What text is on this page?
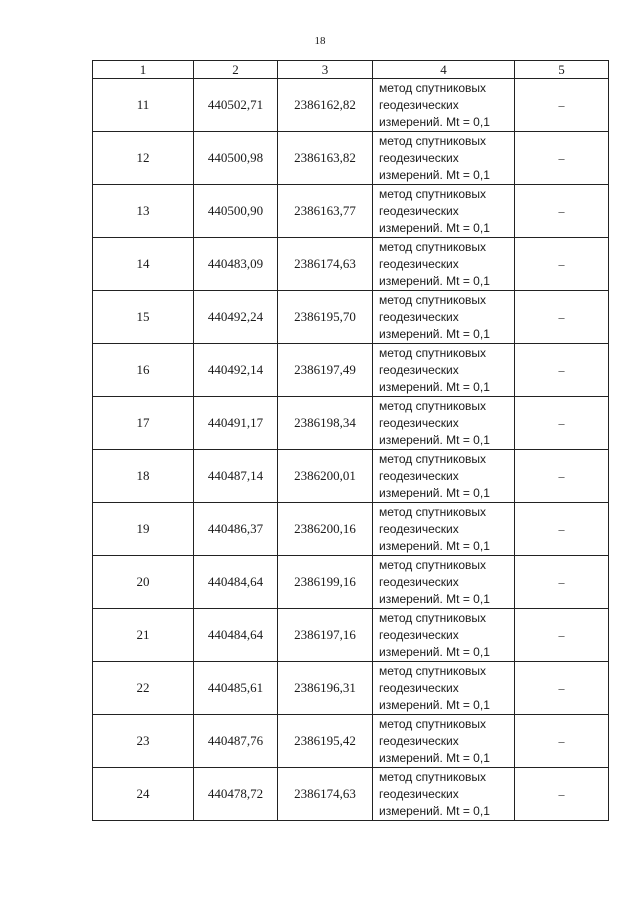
18
1	2	3	4	5
11	440502,71	2386162,82	метод спутниковых
геодезических
измерений. Mt = 0,1	–
12	440500,98	2386163,82	метод спутниковых
геодезических
измерений. Mt = 0,1	–
13	440500,90	2386163,77	метод спутниковых
геодезических
измерений. Mt = 0,1	–
14	440483,09	2386174,63	метод спутниковых
геодезических
измерений. Mt = 0,1	–
15	440492,24	2386195,70	метод спутниковых
геодезических
измерений. Mt = 0,1	–
16	440492,14	2386197,49	метод спутниковых
геодезических
измерений. Mt = 0,1	–
17	440491,17	2386198,34	метод спутниковых
геодезических
измерений. Mt = 0,1	–
18	440487,14	2386200,01	метод спутниковых
геодезических
измерений. Mt = 0,1	–
19	440486,37	2386200,16	метод спутниковых
геодезических
измерений. Mt = 0,1	–
20	440484,64	2386199,16	метод спутниковых
геодезических
измерений. Mt = 0,1	–
21	440484,64	2386197,16	метод спутниковых
геодезических
измерений. Mt = 0,1	–
22	440485,61	2386196,31	метод спутниковых
геодезических
измерений. Mt = 0,1	–
23	440487,76	2386195,42	метод спутниковых
геодезических
измерений. Mt = 0,1	–
24	440478,72	2386174,63	метод спутниковых
геодезических
измерений. Mt = 0,1	–
